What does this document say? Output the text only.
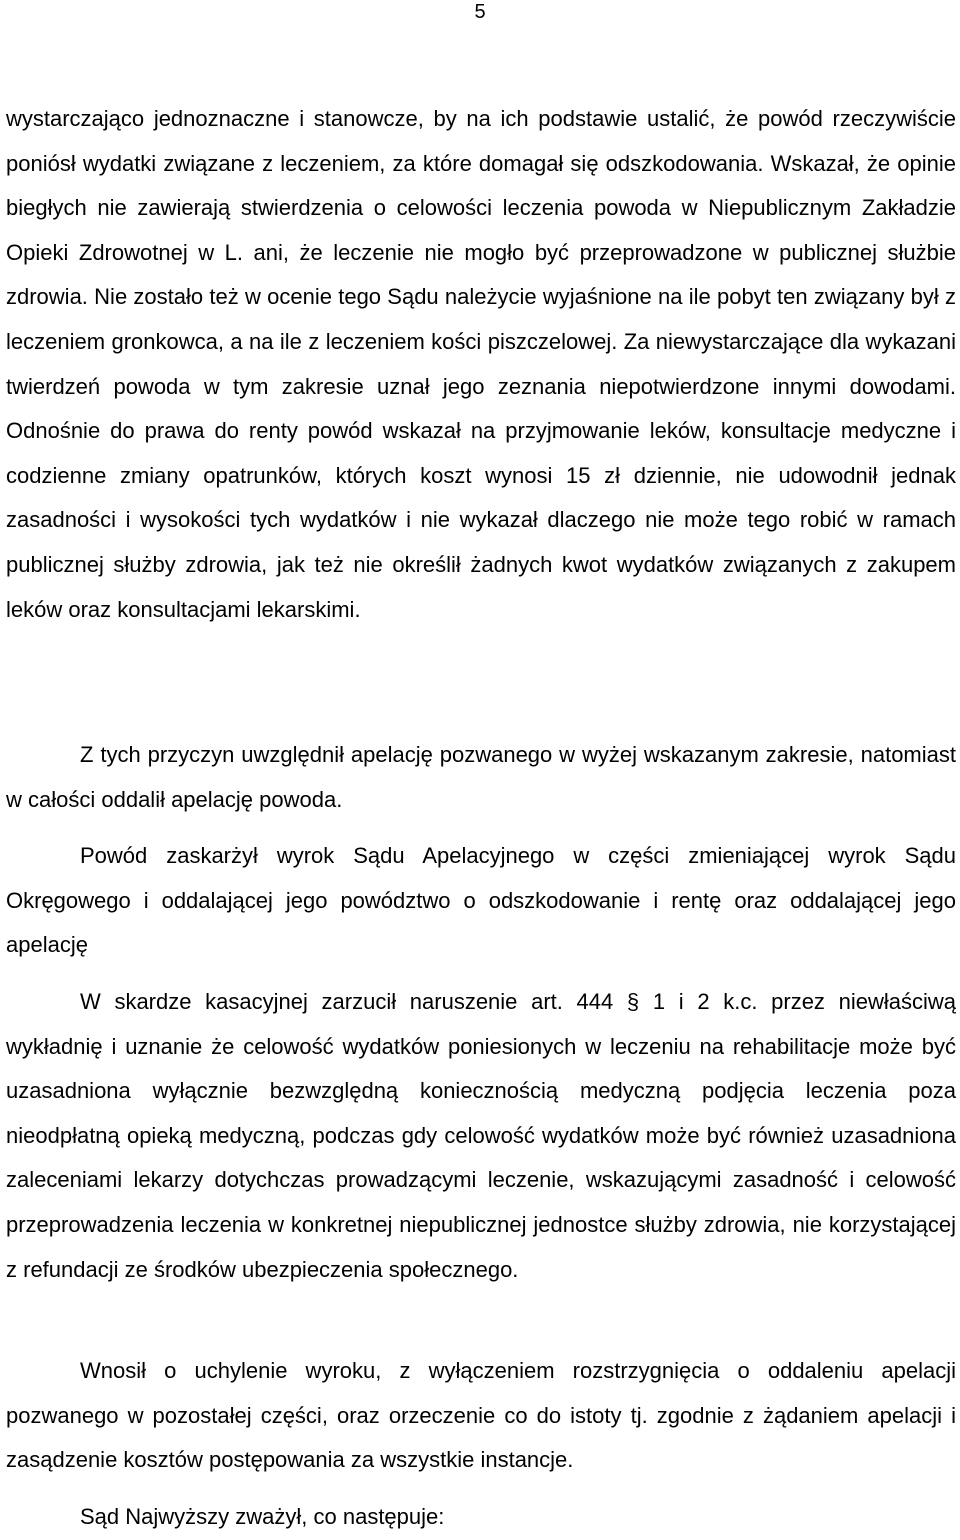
5

wystarczająco jednoznaczne i stanowcze, by na ich podstawie ustalić, że powód rzeczywiście poniósł wydatki związane z leczeniem, za które domagał się odszkodowania. Wskazał, że opinie biegłych nie zawierają stwierdzenia o celowości leczenia powoda w Niepublicznym Zakładzie Opieki Zdrowotnej w L. ani, że leczenie nie mogło być przeprowadzone w publicznej służbie zdrowia. Nie zostało też w ocenie tego Sądu należycie wyjaśnione na ile pobyt ten związany był z leczeniem gronkowca, a na ile z leczeniem kości piszczelowej. Za niewystarczające dla wykazani twierdzeń powoda w tym zakresie uznał jego zeznania niepotwierdzone innymi dowodami. Odnośnie do prawa do renty powód wskazał na przyjmowanie leków, konsultacje medyczne i codzienne zmiany opatrunków, których koszt wynosi 15 zł dziennie, nie udowodnił jednak zasadności i wysokości tych wydatków i nie wykazał dlaczego nie może tego robić w ramach publicznej służby zdrowia, jak też nie określił żadnych kwot wydatków związanych z zakupem leków oraz konsultacjami lekarskimi.

Z tych przyczyn uwzględnił apelację pozwanego w wyżej wskazanym zakresie, natomiast w całości oddalił apelację powoda.

Powód zaskarżył wyrok Sądu Apelacyjnego w części zmieniającej wyrok Sądu Okręgowego i oddalającej jego powództwo o odszkodowanie i rentę oraz oddalającej jego apelację

W skardze kasacyjnej zarzucił naruszenie art. 444 § 1 i 2 k.c. przez niewłaściwą wykładnię i uznanie że celowość wydatków poniesionych w leczeniu na rehabilitacje może być uzasadniona wyłącznie bezwzględną koniecznością medyczną podjęcia leczenia poza nieodpłatną opieką medyczną, podczas gdy celowość wydatków może być również uzasadniona zaleceniami lekarzy dotychczas prowadzącymi leczenie, wskazującymi zasadność i celowość przeprowadzenia leczenia w konkretnej niepublicznej jednostce służby zdrowia, nie korzystającej z refundacji ze środków ubezpieczenia społecznego.

Wnosił o uchylenie wyroku, z wyłączeniem rozstrzygnięcia o oddaleniu apelacji pozwanego w pozostałej części, oraz orzeczenie co do istoty tj. zgodnie z żądaniem apelacji i zasądzenie kosztów postępowania za wszystkie instancje.

Sąd Najwyższy zważył, co następuje:
